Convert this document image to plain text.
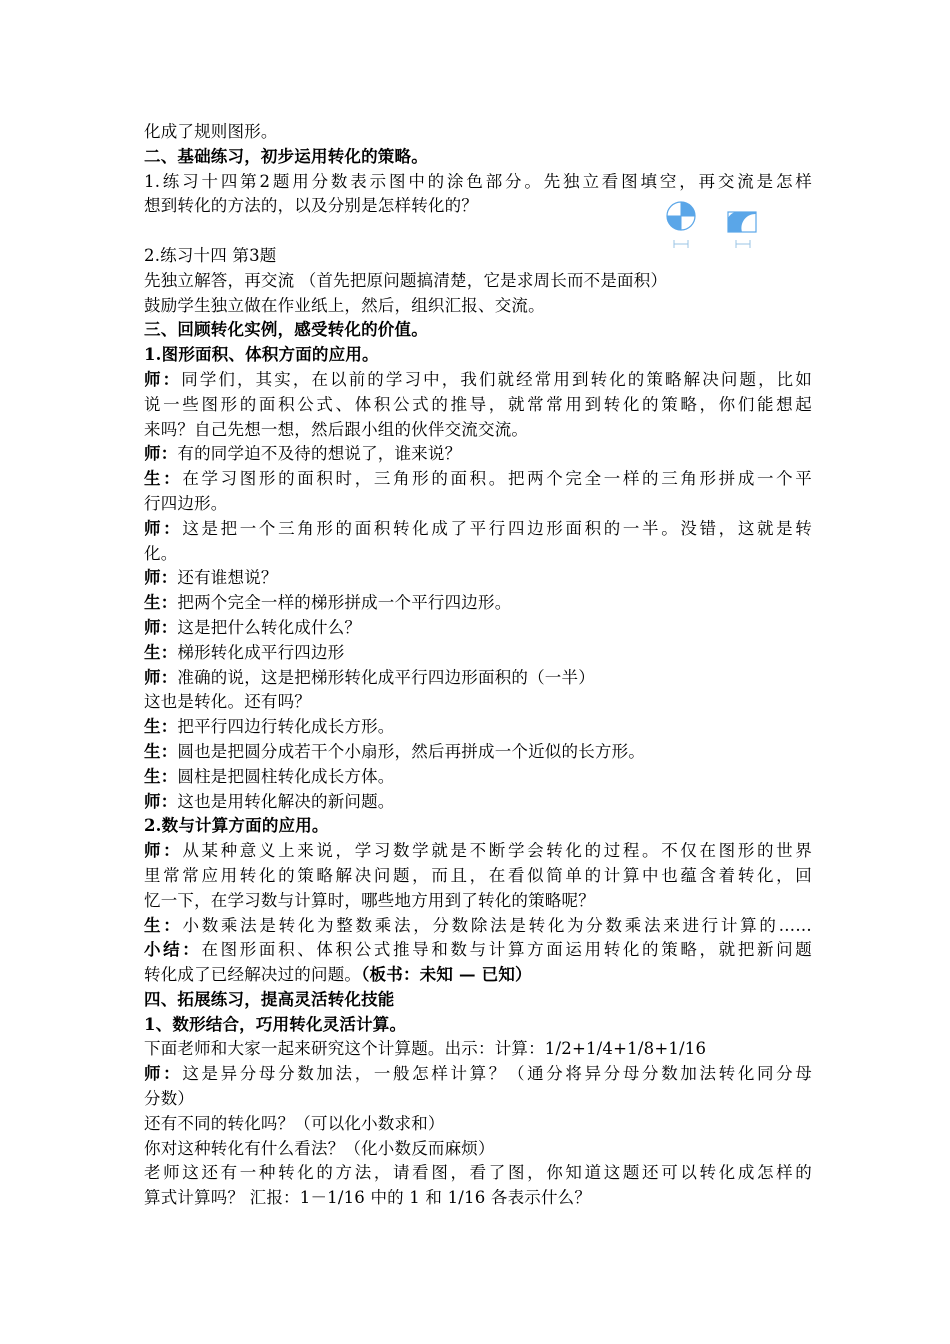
化成了规则图形。
二、基础练习，初步运用转化的策略。
1.练习十四第2题用分数表示图中的涂色部分。先独立看图填空，再交流是怎样
想到转化的方法的，以及分别是怎样转化的？
2.练习十四 第3题
先独立解答，再交流 （首先把原问题搞清楚，它是求周长而不是面积）
鼓励学生独立做在作业纸上，然后，组织汇报、交流。
三、回顾转化实例，感受转化的价值。
1.图形面积、体积方面的应用。
师：同学们，其实，在以前的学习中，我们就经常用到转化的策略解决问题，比如
说一些图形的面积公式、体积公式的推导，就常常用到转化的策略，你们能想起
来吗？自己先想一想，然后跟小组的伙伴交流交流。
师：有的同学迫不及待的想说了，谁来说？
生：在学习图形的面积时，三角形的面积。把两个完全一样的三角形拼成一个平
行四边形。
师：这是把一个三角形的面积转化成了平行四边形面积的一半。没错，这就是转
化。
师：还有谁想说？
生：把两个完全一样的梯形拼成一个平行四边形。
师：这是把什么转化成什么？
生：梯形转化成平行四边形
师：准确的说，这是把梯形转化成平行四边形面积的（一半）
这也是转化。还有吗？
生：把平行四边行转化成长方形。
生：圆也是把圆分成若干个小扇形，然后再拼成一个近似的长方形。
生：圆柱是把圆柱转化成长方体。
师：这也是用转化解决的新问题。
2.数与计算方面的应用。
师：从某种意义上来说，学习数学就是不断学会转化的过程。不仅在图形的世界
里常常应用转化的策略解决问题，而且，在看似简单的计算中也蕴含着转化，回
忆一下，在学习数与计算时，哪些地方用到了转化的策略呢？
生：小数乘法是转化为整数乘法，分数除法是转化为分数乘法来进行计算的……
小结：在图形面积、体积公式推导和数与计算方面运用转化的策略，就把新问题
转化成了已经解决过的问题。（板书：未知 — 已知）
四、拓展练习，提高灵活转化技能
1、数形结合，巧用转化灵活计算。
下面老师和大家一起来研究这个计算题。出示：计算：1/2+1/4+1/8+1/16
师：这是异分母分数加法，一般怎样计算？（通分将异分母分数加法转化同分母
分数）
还有不同的转化吗？（可以化小数求和）
你对这种转化有什么看法？（化小数反而麻烦）
老师这还有一种转化的方法，请看图，看了图，你知道这题还可以转化成怎样的
算式计算吗？ 汇报：1－1/16 中的 1 和 1/16 各表示什么？
